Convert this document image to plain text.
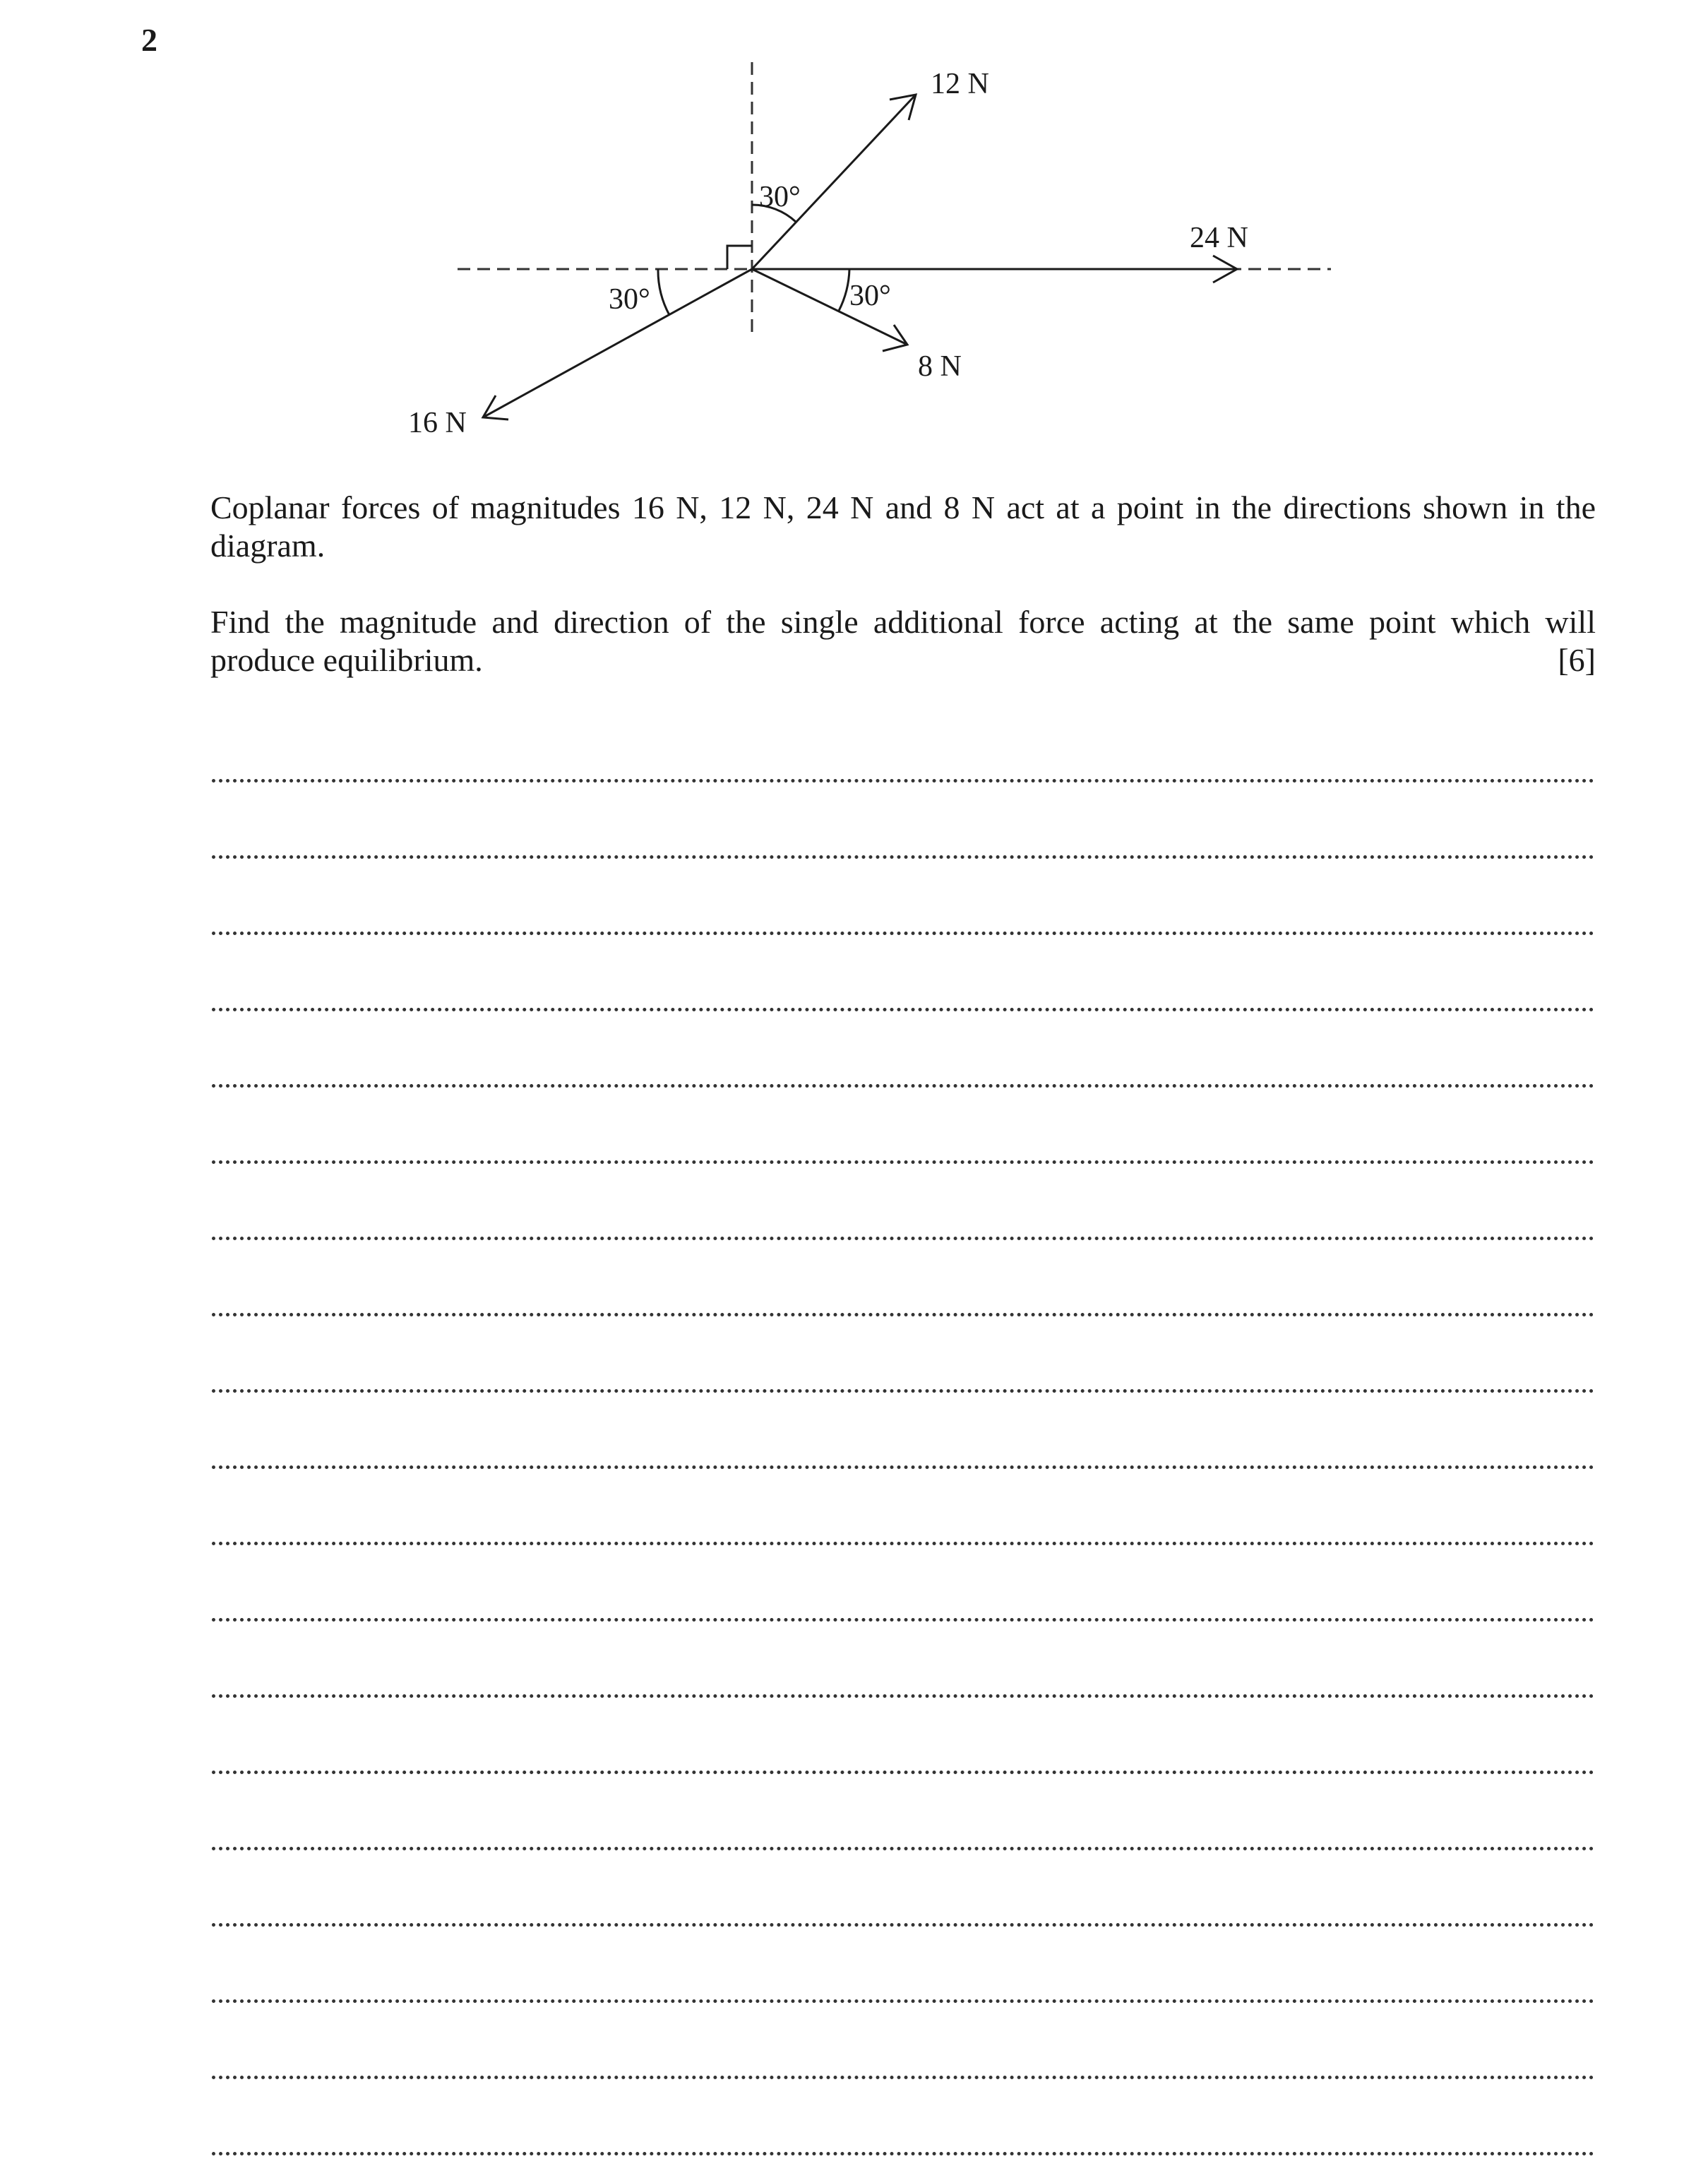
2
12 N
24 N
8 N
16 N
30°
30°
30°

Coplanar forces of magnitudes 16 N, 12 N, 24 N and 8 N act at a point in the directions shown in the diagram.

Find the magnitude and direction of the single additional force acting at the same point which will produce equilibrium.	[6]
